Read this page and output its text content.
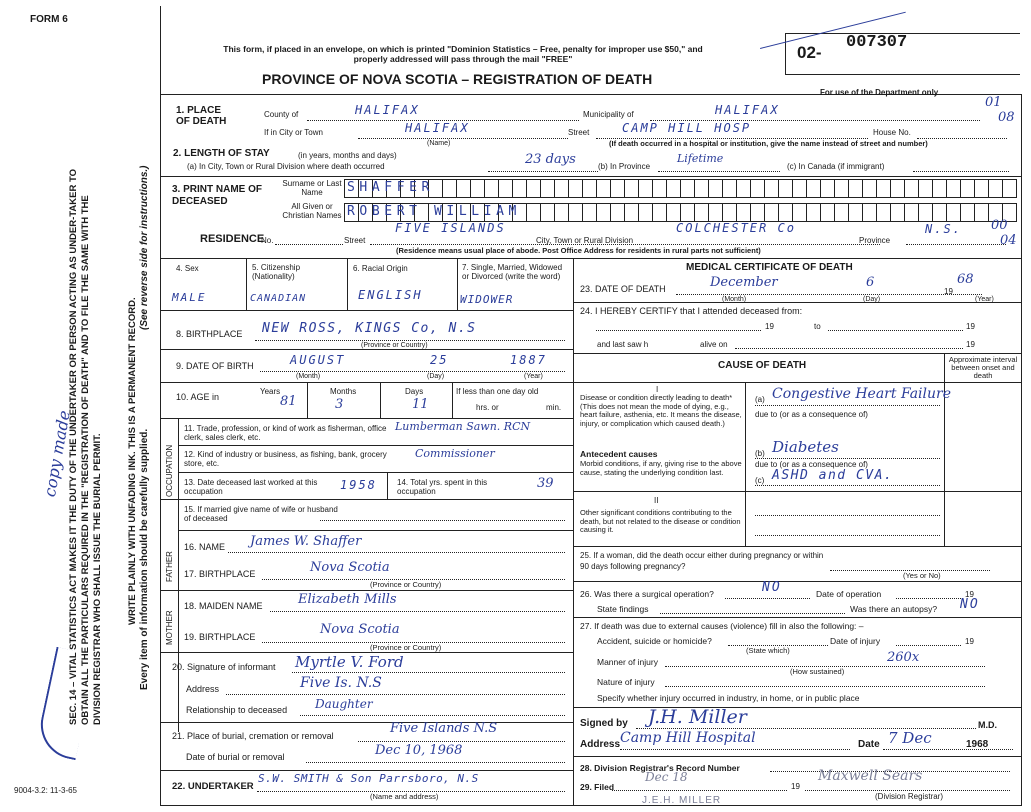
FORM 6
This form, if placed in an envelope, on which is printed "Dominion Statistics – Free, penalty for improper use $50," and properly addressed will pass through the mail "FREE"
PROVINCE OF NOVA SCOTIA – REGISTRATION OF DEATH
02-
007307
For use of the Department only
01
08
SEC. 14 – VITAL STATISTICS ACT MAKES IT THE DUTY OF THE UNDERTAKER OR PERSON ACTING AS UNDER-TAKER TO OBTAIN ALL THE PARTICULARS REQUIRED IN THE "REGISTRATION OF DEATH" AND TO FILE THE SAME WITH THE DIVISION REGISTRAR WHO SHALL ISSUE THE BURIAL PERMIT.	WRITE PLAINLY WITH UNFADING INK. THIS IS A PERMANENT RECORD. Every item of information should be carefully supplied.
(See reverse side for instructions.)
copy made
9004-3.2: 11-3-65
1. PLACE OF DEATH
County of	HALIFAX	Municipality of	HALIFAX
If in City or Town	HALIFAX
(Name)
Street	CAMP HILL HOSP	House No.
(If death occurred in a hospital or institution, give the name instead of street and number)
2. LENGTH OF STAY	(in years, months and days)
(a) In City, Town or Rural Division where death occurred	23 days	(b) In Province
Lifetime
(c) In Canada (if immigrant)
3. PRINT NAME OF DECEASED
Surname or Last Name	SHAFFER
All Given or Christian Names ROBERT WILLIAM
RESIDENCE
No.	Street
FIVE ISLANDS	COLCHESTER Co
City, Town or Rural Division	Province
N.S. 00
04
(Residence means usual place of abode. Post Office Address for residents in rural parts not sufficient)
4. Sex
MALE
5. Citizenship (Nationality)
CANADIAN
6. Racial Origin
ENGLISH
7. Single, Married, Widowed or Divorced (write the word)
WIDOWER
8. BIRTHPLACE NEW ROSS, KINGS Co, N.S
(Province or Country)
9. DATE OF BIRTH	AUGUST	25	1887
(Month)	(Day)	(Year)
10. AGE in
Years
81
Months
3
Days
11
If less than one day old
hrs. or	min.
OCCUPATION
11. Trade, profession, or kind of work as fisherman, office clerk, sales clerk, etc.
Lumberman Sawn. RCN
12. Kind of industry or business, as fishing, bank, grocery store, etc.
Commissioner
13. Date deceased last worked at this occupation	1958	14. Total yrs. spent in this occupation
39
15. If married give name of wife or husband of deceased
FATHER
16. NAME James W. Shaffer
17. BIRTHPLACE	Nova Scotia
(Province or Country)
MOTHER
18. MAIDEN NAME	Elizabeth Mills
19. BIRTHPLACE	Nova Scotia
(Province or Country)
20. Signature of informant Myrtle V. Ford
Address	Five Is. N.S
Relationship to deceased Daughter
21. Place of burial, cremation or removal	Five Islands N.S
Date of burial or removal	Dec 10, 1968
22. UNDERTAKER
S.W. SMITH & Son Parrsboro, N.S
(Name and address)
MEDICAL CERTIFICATE OF DEATH
23. DATE OF DEATH	December	6
19
68
(Month)	(Day)	(Year)
24. I HEREBY CERTIFY that I attended deceased from:
19	to	19
and last saw h	alive on	19
CAUSE OF DEATH
Approximate interval between onset and death
I
Disease or condition directly leading to death* (This does not mean the mode of dying, e.g., heart failure, asthenia, etc. It means the disease, injury, or complication which caused death.)
(a) Congestive Heart Failure
due to (or as a consequence of)
Antecedent causes
Morbid conditions, if any, giving rise to the above cause, stating the underlying condition last.
(b) Diabetes
due to (or as a consequence of)
(c) ASHD and CVA.
II
Other significant conditions contributing to the death, but not related to the disease or condition causing it.
25. If a woman, did the death occur either during pregnancy or within 90 days following pregnancy?
(Yes or No)
26. Was there a surgical operation?	NO	Date of operation	19
State findings	Was there an autopsy? NO
27. If death was due to external causes (violence) fill in also the following: –
Accident, suicide or homicide?
(State which)
Date of injury	19
Manner of injury
(How sustained)
260x
Nature of injury
Specify whether injury occurred in industry, in home, or in public place
Signed by J.H. Miller	M.D.
Address Camp Hill Hospital	Date 7 Dec	1968
28. Division Registrar's Record Number
29. Filed
Dec 18
19
Maxwell Sears
(Division Registrar)
J.E.H. MILLER
